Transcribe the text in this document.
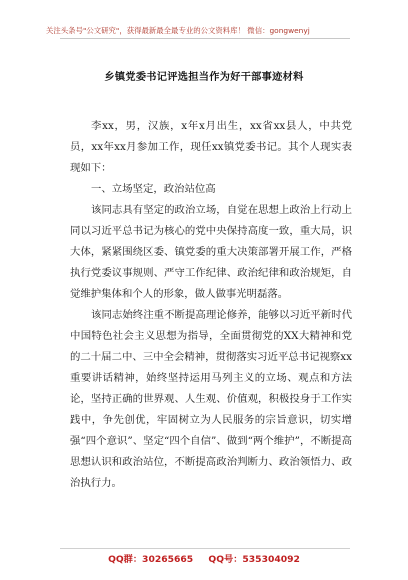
关注头条号"公文研究"，获得最新最全最专业的公文资料库！ 微信：gongwenyj
乡镇党委书记评选担当作为好干部事迹材料

李xx，男，汉族，x年x月出生，xx省xx县人，中共党员，xx年xx月参加工作，现任xx镇党委书记。其个人现实表现如下：

一、立场坚定，政治站位高

该同志具有坚定的政治立场，自觉在思想上政治上行动上同以习近平总书记为核心的党中央保持高度一致，重大局，识大体，紧紧围绕区委、镇党委的重大决策部署开展工作，严格执行党委议事规则、严守工作纪律、政治纪律和政治规矩，自觉维护集体和个人的形象，做人做事光明磊落。

该同志始终注重不断提高理论修养，能够以习近平新时代中国特色社会主义思想为指导，全面贯彻党的XX大精神和党的二十届二中、三中全会精神，贯彻落实习近平总书记视察xx重要讲话精神，始终坚持运用马列主义的立场、观点和方法论，坚持正确的世界观、人生观、价值观，积极投身于工作实践中，争先创优，牢固树立为人民服务的宗旨意识，切实增强“四个意识”、坚定“四个自信”、做到“两个维护”，不断提高思想认识和政治站位，不断提高政治判断力、政治领悟力、政治执行力。

QQ群：30265665 QQ号：535304092
